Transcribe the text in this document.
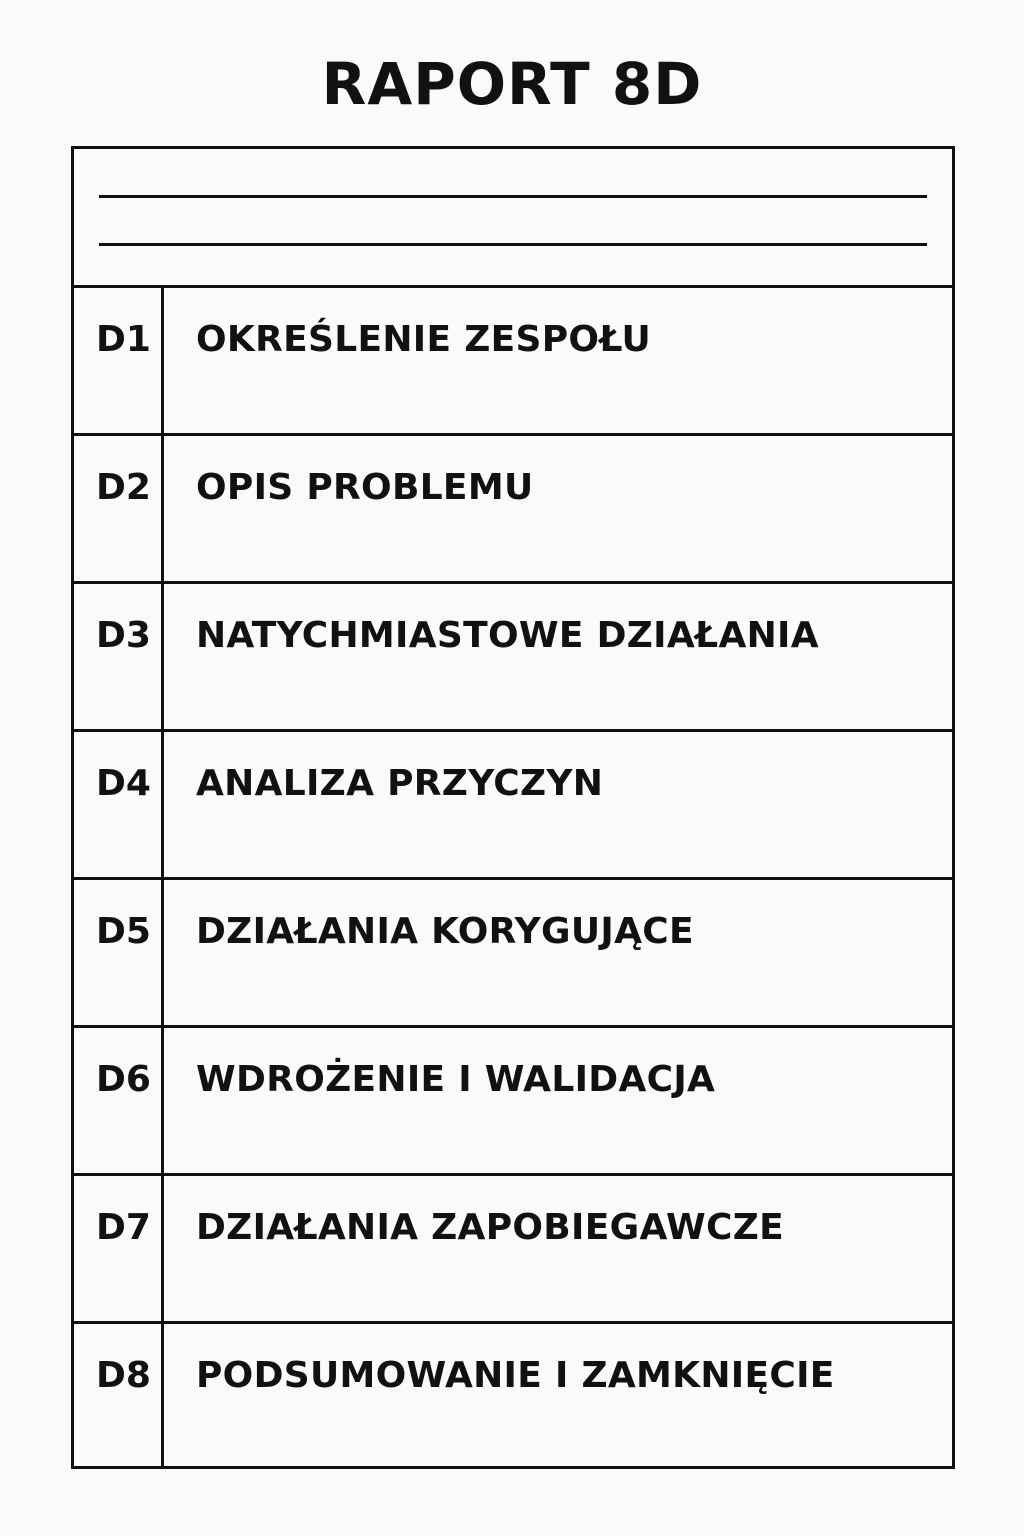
RAPORT 8D
D1	OKREŚLENIE ZESPOŁU
D2	OPIS PROBLEMU
D3	NATYCHMIASTOWE DZIAŁANIA
D4	ANALIZA PRZYCZYN
D5	DZIAŁANIA KORYGUJĄCE
D6	WDROŻENIE I WALIDACJA
D7	DZIAŁANIA ZAPOBIEGAWCZE
D8	PODSUMOWANIE I ZAMKNIĘCIE
